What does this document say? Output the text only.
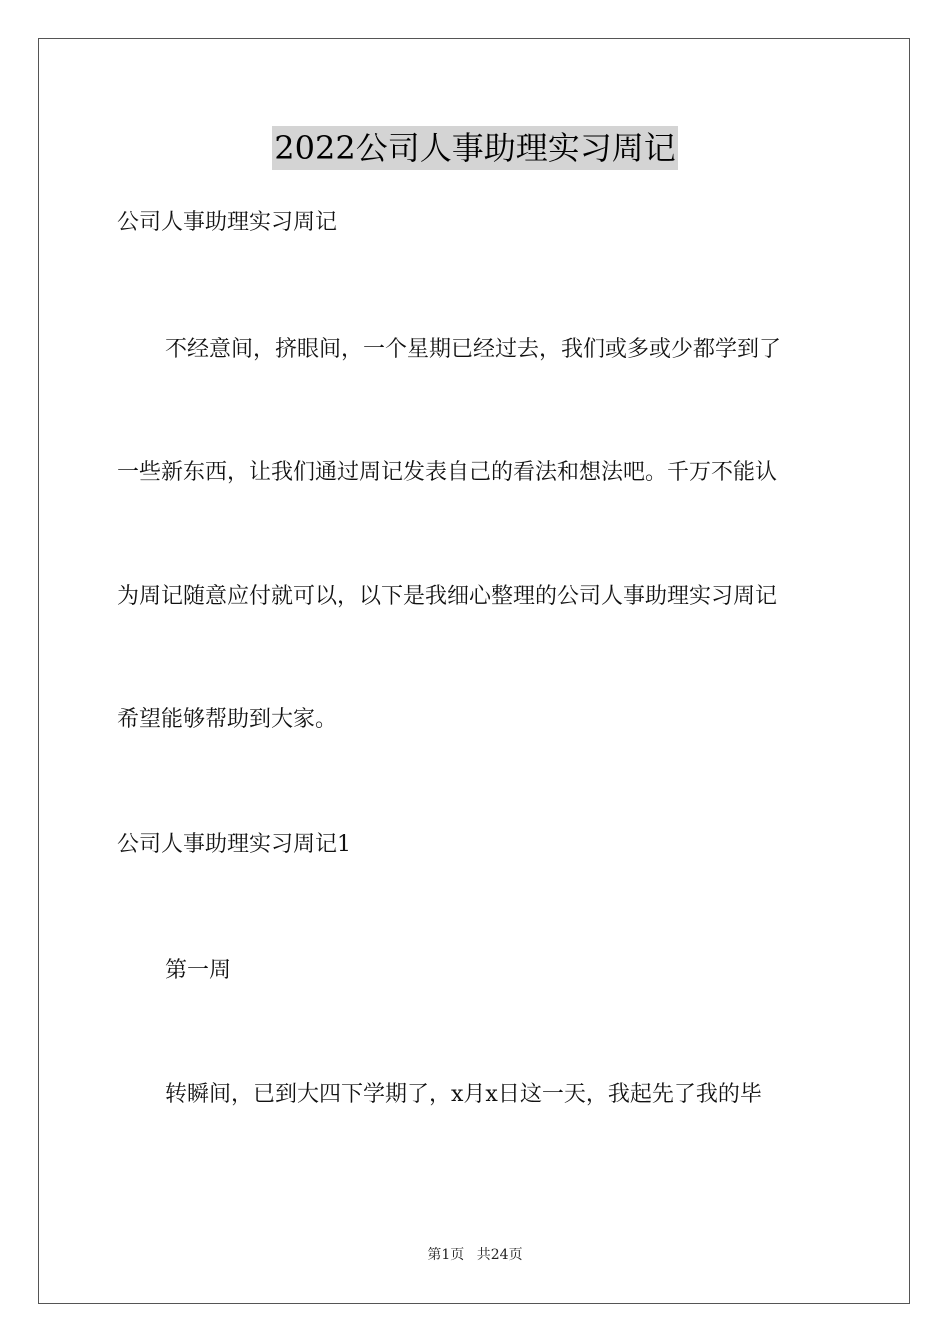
2022公司人事助理实习周记
公司人事助理实习周记
不经意间，挤眼间，一个星期已经过去，我们或多或少都学到了
一些新东西，让我们通过周记发表自己的看法和想法吧。千万不能认
为周记随意应付就可以，以下是我细心整理的公司人事助理实习周记
希望能够帮助到大家。
公司人事助理实习周记1
第一周
转瞬间，已到大四下学期了，x月x日这一天，我起先了我的毕
第1页 共24页
